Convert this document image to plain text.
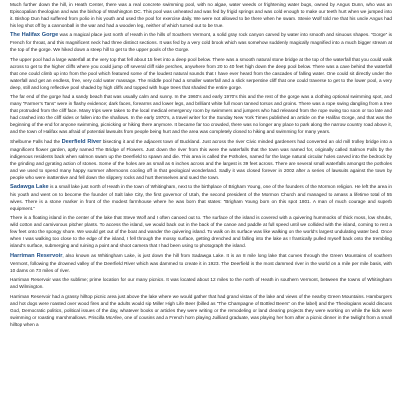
Much further down the hill, in Heath Center, there was a real concrete swimming pool, with no algae, water weeds or frightening water bugs, owned by Angus Dunn, who was an Episcopalian theologian and was the bishop of Washington DC. This pool was unheated and was fed by frigid springs and was cold enough to make our teeth hurt when we jumped into it. Bishop Dun had suffered from polio in his youth and used the pool for exercise daily. We were not allowed to be there when he swam. Stevie Wolf told me that his uncle Angus had his leg shot off by a cannonball in the war and had a wooden leg, neither of which turned out to be true.

The Halifax Gorge was a magical place just north of Heath in the hills of Southern Vermont, a solid gray rock canyon carved by water into smooth and sinuous shapes. “Gorge” is French for throat, and this magnificent neck had three distinct sections. It was fed by a very cold brook which was somehow suddenly magically magnified into a much bigger stream at the top of the gorge. We hiked down a steep hill to get to the upper pools of the Gorge.

The upper pool had a large waterfall at the very top that fell about 15 feet into a deep pool below. There was a smooth natural stone bridge at the top of the waterfall that you could walk across to get to the higher cliffs where you could jump off several cliff side perches, anywhere from 20 to 40 feet high down the deep pool below. There was a cave behind the waterfall that one could climb up into from the pool which featured some of the loudest natural sounds that I have ever heard from the cascades of falling water. One could sit directly under the waterfall and get an endless, free, very cold water massage. The middle pool had a smaller waterfall and a slick serpentine cliff that one could traverse to get to the lower pool, a very deep, still and long reflective pool shaded by high cliffs and topped with huge trees that shaded the entire gorge.

The far end of the gorge had a sandy beach that was usually calm and sunny. In the 1960’s and early 1970’s this and the rest of the gorge was a clothing optional swimming spot, and many “Farmer’s Tans” were in flashy evidence; dark faces, forearms and lower legs, and brilliant white full moon tanned torsos and groins. There was a rope swing dangling from a tree that protruded from the cliff face. Many trips were taken to the local medical emergency room by swimmers and jumpers who had released from the rope swing too soon or too late and had crashed into the cliff sides or fallen into the shallows. In the early 1970’s, a travel writer for the Sunday New York Times published an article on the Halifax Gorge, and that was the beginning of the end for anyone swimming, picnicking or hiking there anymore. It became far too crowded, there was no longer any place to park along the narrow country road above it, and the town of Halifax was afraid of potential lawsuits from people being hurt and the area was completely closed to hiking and swimming for many years.

Shelburne Falls had the Deerfield River bisecting it and the adjacent town of Buckland. Just across the river Civic minded gardeners had converted an old mill trolley bridge into a magnificent flower garden, aptly named The Bridge of Flowers. Just down the river from this were the waterfalls that the town was named for, originally called Salmon Falls by the indigenous residents back when salmon swam up the Deerfield to spawn and die. This area is called the Potholes, named for the large natural circular holes carved into the bedrock by the grinding and gyrating action of stones. Some of the holes are as small as 6 inches across and the largest is 39 feet across. There are several small waterfalls amongst the potholes and we used to spend many happy summer afternoons cooling off in that geological wonderland. Sadly it was closed forever in 2002 after a series of lawsuits against the town by people who were inattentive and fell down the slippery rocks and hurt themselves and sued the town.

Sadawga Lake is a small lake just north of Heath in the town of Whitingham, next to the birthplace of Brigham Young, one of the founders of the Mormon religion. He left the area in his youth and went on to become the founder of Salt lake City, the first governor of Utah, the second president of the Mormon Church and managed to amass a lifetime total of 55 wives. There is a stone marker in front of the modest farmhouse where he was born that states: “Brigham Young born on this spot 1801. A man of much courage and superb equipment.”

There is a floating island in the center of the lake that Steve Wolf and I often canoed out to. The surface of the island is covered with a quivering hummocks of thick moss, low shrubs, wild cotton and carnivorous pitcher plants. To access the island, we would back out in the back of the canoe and paddle at full speed until we collided with the island, coming to rest a few feet onto the spongy shore. We would get out of the boat and wander the quivering island. To walk on its surface was like walking on the world’s largest undulating water bed. Once when I was walking too close to the edge of the island, I fell through the mossy surface, getting drenched and falling into the lake as I frantically pulled myself back onto the trembling island’s surface, submerging and ruining a point and shoot camera that I had been using to photograph the island.

Harriman Reservoir, also known as Whitingham Lake, is just down the hill from Sadawga Lake. It is an 8 mile long lake that curves through the Green Mountains of southern Vermont, following the drowned valley of the Deerfield River which was dammed to create it in 1923. The Deerfield is the most dammed river in the world on a mile per mile basis, with 10 dams on 73 miles of river.

Harriman Reservoir was the sublime; prime location for our many picnics. It was located about 12 miles to the north of Heath in southern Vermont, between the towns of Whitingham and Wilmington.

Harriman Reservoir had a grassy hilltop picnic area just above the lake where we would gather that had grand vistas of the lake and views of the nearby Green Mountains. Hamburgers and hot dogs were roasted over wood fires and the adults would sip Miller High Life Beer (billed as “The Champagne of Bottled Beers” on the label) and the Theologians would discuss God, Democratic politics, political issues of the day, whatever books or articles they were writing or the remodeling or land clearing projects they were working on while the kids were swimming or roasting marshmallows. Priscilla McAfee, one of cousins and a French horn playing Juilliard graduate, was playing her horn after a picnic dinner in the twilight from a small hilltop when a
